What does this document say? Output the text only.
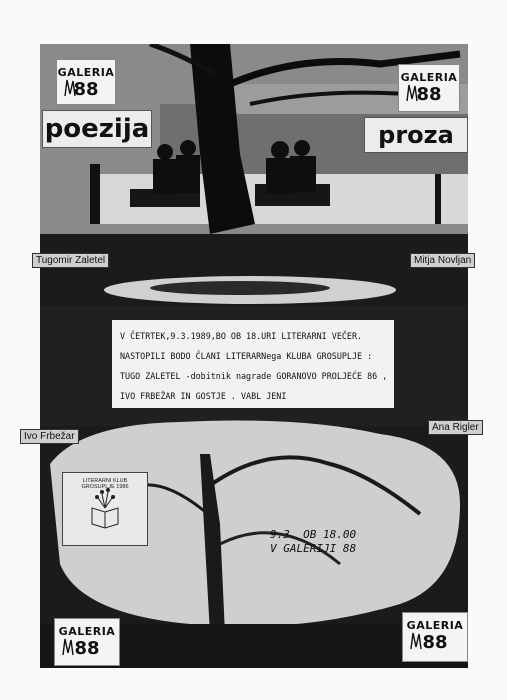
GALERIA
88
GALERIA
88
GALERIA
88
GALERIA
88
poezija	proza
Tugomir Zaletel	Mitja Novljan
Ivo Frbežar
Ana Rigler
V ČETRTEK,9.3.1989,BO OB 18.URI LITERARNI VEČER.
NASTOPILI BODO ČLANI LITERARNega KLUBA GROSUPLJE :
TUGO ZALETEL -dobitnik nagrade GORANOVO PROLJEĆE 86 ,
IVO FRBEŽAR IN GOSTJE . VABL JENI
LITERARNI KLUB GROSUPLJE 1986
9.3. OB 18.00
V GALERIJI 88
